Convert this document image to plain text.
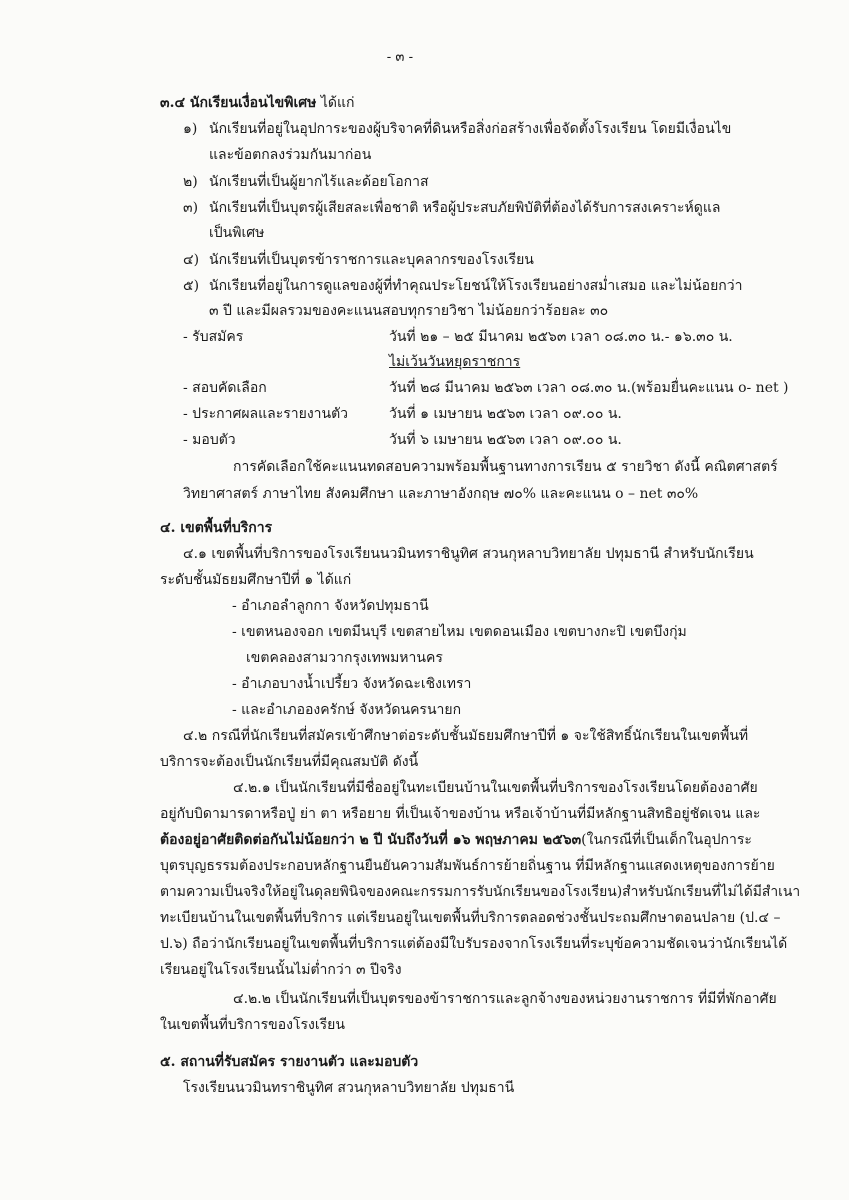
- ๓ -
๓.๔ นักเรียนเงื่อนไขพิเศษ ได้แก่
๑) นักเรียนที่อยู่ในอุปการะของผู้บริจาคที่ดินหรือสิ่งก่อสร้างเพื่อจัดตั้งโรงเรียน โดยมีเงื่อนไข
และข้อตกลงร่วมกันมาก่อน
๒) นักเรียนที่เป็นผู้ยากไร้และด้อยโอกาส
๓) นักเรียนที่เป็นบุตรผู้เสียสละเพื่อชาติ หรือผู้ประสบภัยพิบัติที่ต้องได้รับการสงเคราะห์ดูแล
เป็นพิเศษ
๔) นักเรียนที่เป็นบุตรข้าราชการและบุคลากรของโรงเรียน
๕) นักเรียนที่อยู่ในการดูแลของผู้ที่ทำคุณประโยชน์ให้โรงเรียนอย่างสม่ำเสมอ และไม่น้อยกว่า
๓ ปี และมีผลรวมของคะแนนสอบทุกรายวิชา ไม่น้อยกว่าร้อยละ ๓๐
- รับสมัคร	วันที่ ๒๑ – ๒๕ มีนาคม ๒๕๖๓ เวลา ๐๘.๓๐ น.- ๑๖.๓๐ น.
ไม่เว้นวันหยุดราชการ
- สอบคัดเลือก	วันที่ ๒๘ มีนาคม ๒๕๖๓ เวลา ๐๘.๓๐ น.(พร้อมยื่นคะแนน o- net )
- ประกาศผลและรายงานตัว	วันที่ ๑ เมษายน ๒๕๖๓ เวลา ๐๙.๐๐ น.
- มอบตัว	วันที่ ๖ เมษายน ๒๕๖๓ เวลา ๐๙.๐๐ น.
การคัดเลือกใช้คะแนนทดสอบความพร้อมพื้นฐานทางการเรียน ๕ รายวิชา ดังนี้ คณิตศาสตร์
วิทยาศาสตร์ ภาษาไทย สังคมศึกษา และภาษาอังกฤษ ๗๐% และคะแนน o – net ๓๐%
๔. เขตพื้นที่บริการ
๔.๑ เขตพื้นที่บริการของโรงเรียนนวมินทราชินูทิศ สวนกุหลาบวิทยาลัย ปทุมธานี สำหรับนักเรียน
ระดับชั้นมัธยมศึกษาปีที่ ๑ ได้แก่
- อำเภอลำลูกกา จังหวัดปทุมธานี
- เขตหนองจอก เขตมีนบุรี เขตสายไหม เขตดอนเมือง เขตบางกะปิ เขตบึงกุ่ม
เขตคลองสามวากรุงเทพมหานคร
- อำเภอบางน้ำเปรี้ยว จังหวัดฉะเชิงเทรา
- และอำเภอองครักษ์ จังหวัดนครนายก
๔.๒ กรณีที่นักเรียนที่สมัครเข้าศึกษาต่อระดับชั้นมัธยมศึกษาปีที่ ๑ จะใช้สิทธิ์นักเรียนในเขตพื้นที่
บริการจะต้องเป็นนักเรียนที่มีคุณสมบัติ ดังนี้
๔.๒.๑ เป็นนักเรียนที่มีชื่ออยู่ในทะเบียนบ้านในเขตพื้นที่บริการของโรงเรียนโดยต้องอาศัย
อยู่กับบิดามารดาหรือปู่ ย่า ตา หรือยาย ที่เป็นเจ้าของบ้าน หรือเจ้าบ้านที่มีหลักฐานสิทธิอยู่ชัดเจน และ
ต้องอยู่อาศัยติดต่อกันไม่น้อยกว่า ๒ ปี นับถึงวันที่ ๑๖ พฤษภาคม ๒๕๖๓(ในกรณีที่เป็นเด็กในอุปการะ
บุตรบุญธรรมต้องประกอบหลักฐานยืนยันความสัมพันธ์การย้ายถิ่นฐาน ที่มีหลักฐานแสดงเหตุของการย้าย
ตามความเป็นจริงให้อยู่ในดุลยพินิจของคณะกรรมการรับนักเรียนของโรงเรียน)สำหรับนักเรียนที่ไม่ได้มีสำเนา
ทะเบียนบ้านในเขตพื้นที่บริการ แต่เรียนอยู่ในเขตพื้นที่บริการตลอดช่วงชั้นประถมศึกษาตอนปลาย (ป.๔ –
ป.๖) ถือว่านักเรียนอยู่ในเขตพื้นที่บริการแต่ต้องมีใบรับรองจากโรงเรียนที่ระบุข้อความชัดเจนว่านักเรียนได้
เรียนอยู่ในโรงเรียนนั้นไม่ต่ำกว่า ๓ ปีจริง
๔.๒.๒ เป็นนักเรียนที่เป็นบุตรของข้าราชการและลูกจ้างของหน่วยงานราชการ ที่มีที่พักอาศัย
ในเขตพื้นที่บริการของโรงเรียน
๕. สถานที่รับสมัคร รายงานตัว และมอบตัว
โรงเรียนนวมินทราชินูทิศ สวนกุหลาบวิทยาลัย ปทุมธานี
